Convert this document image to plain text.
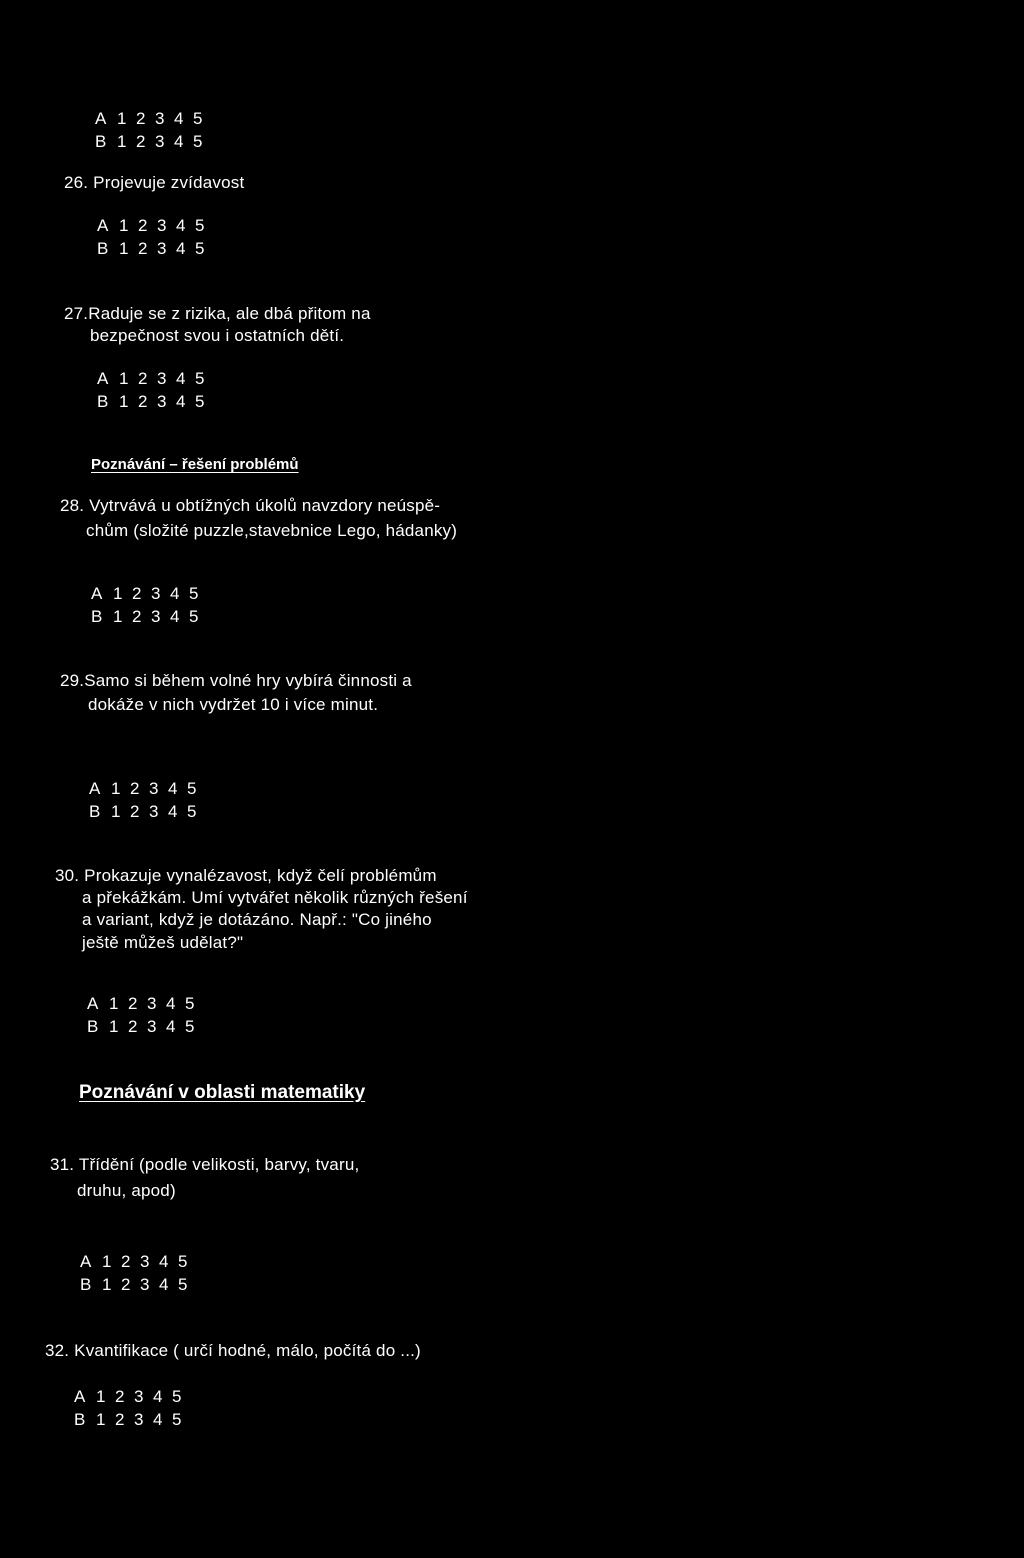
A 1 2 3 4 5
B 1 2 3 4 5
26. Projevuje zvídavost
A 1 2 3 4 5
B 1 2 3 4 5
27.Raduje se z rizika, ale dbá přitom na
bezpečnost svou i ostatních dětí.
A 1 2 3 4 5
B 1 2 3 4 5
Poznávání – řešení problémů
28. Vytrvává u obtížných úkolů navzdory neúspě-
chům (složité puzzle,stavebnice Lego, hádanky)
A 1 2 3 4 5
B 1 2 3 4 5
29.Samo si během volné hry vybírá činnosti a
dokáže v nich vydržet 10 i více minut.
A 1 2 3 4 5
B 1 2 3 4 5
30. Prokazuje vynalézavost, když čelí problémům
a překážkám. Umí vytvářet několik různých řešení
a variant, když je dotázáno. Např.: "Co jiného
ještě můžeš udělat?"
A 1 2 3 4 5
B 1 2 3 4 5
Poznávání v oblasti matematiky
31. Třídění (podle velikosti, barvy, tvaru,
druhu, apod)
A 1 2 3 4 5
B 1 2 3 4 5
32. Kvantifikace ( určí hodné, málo, počítá do ...)
A 1 2 3 4 5
B 1 2 3 4 5
